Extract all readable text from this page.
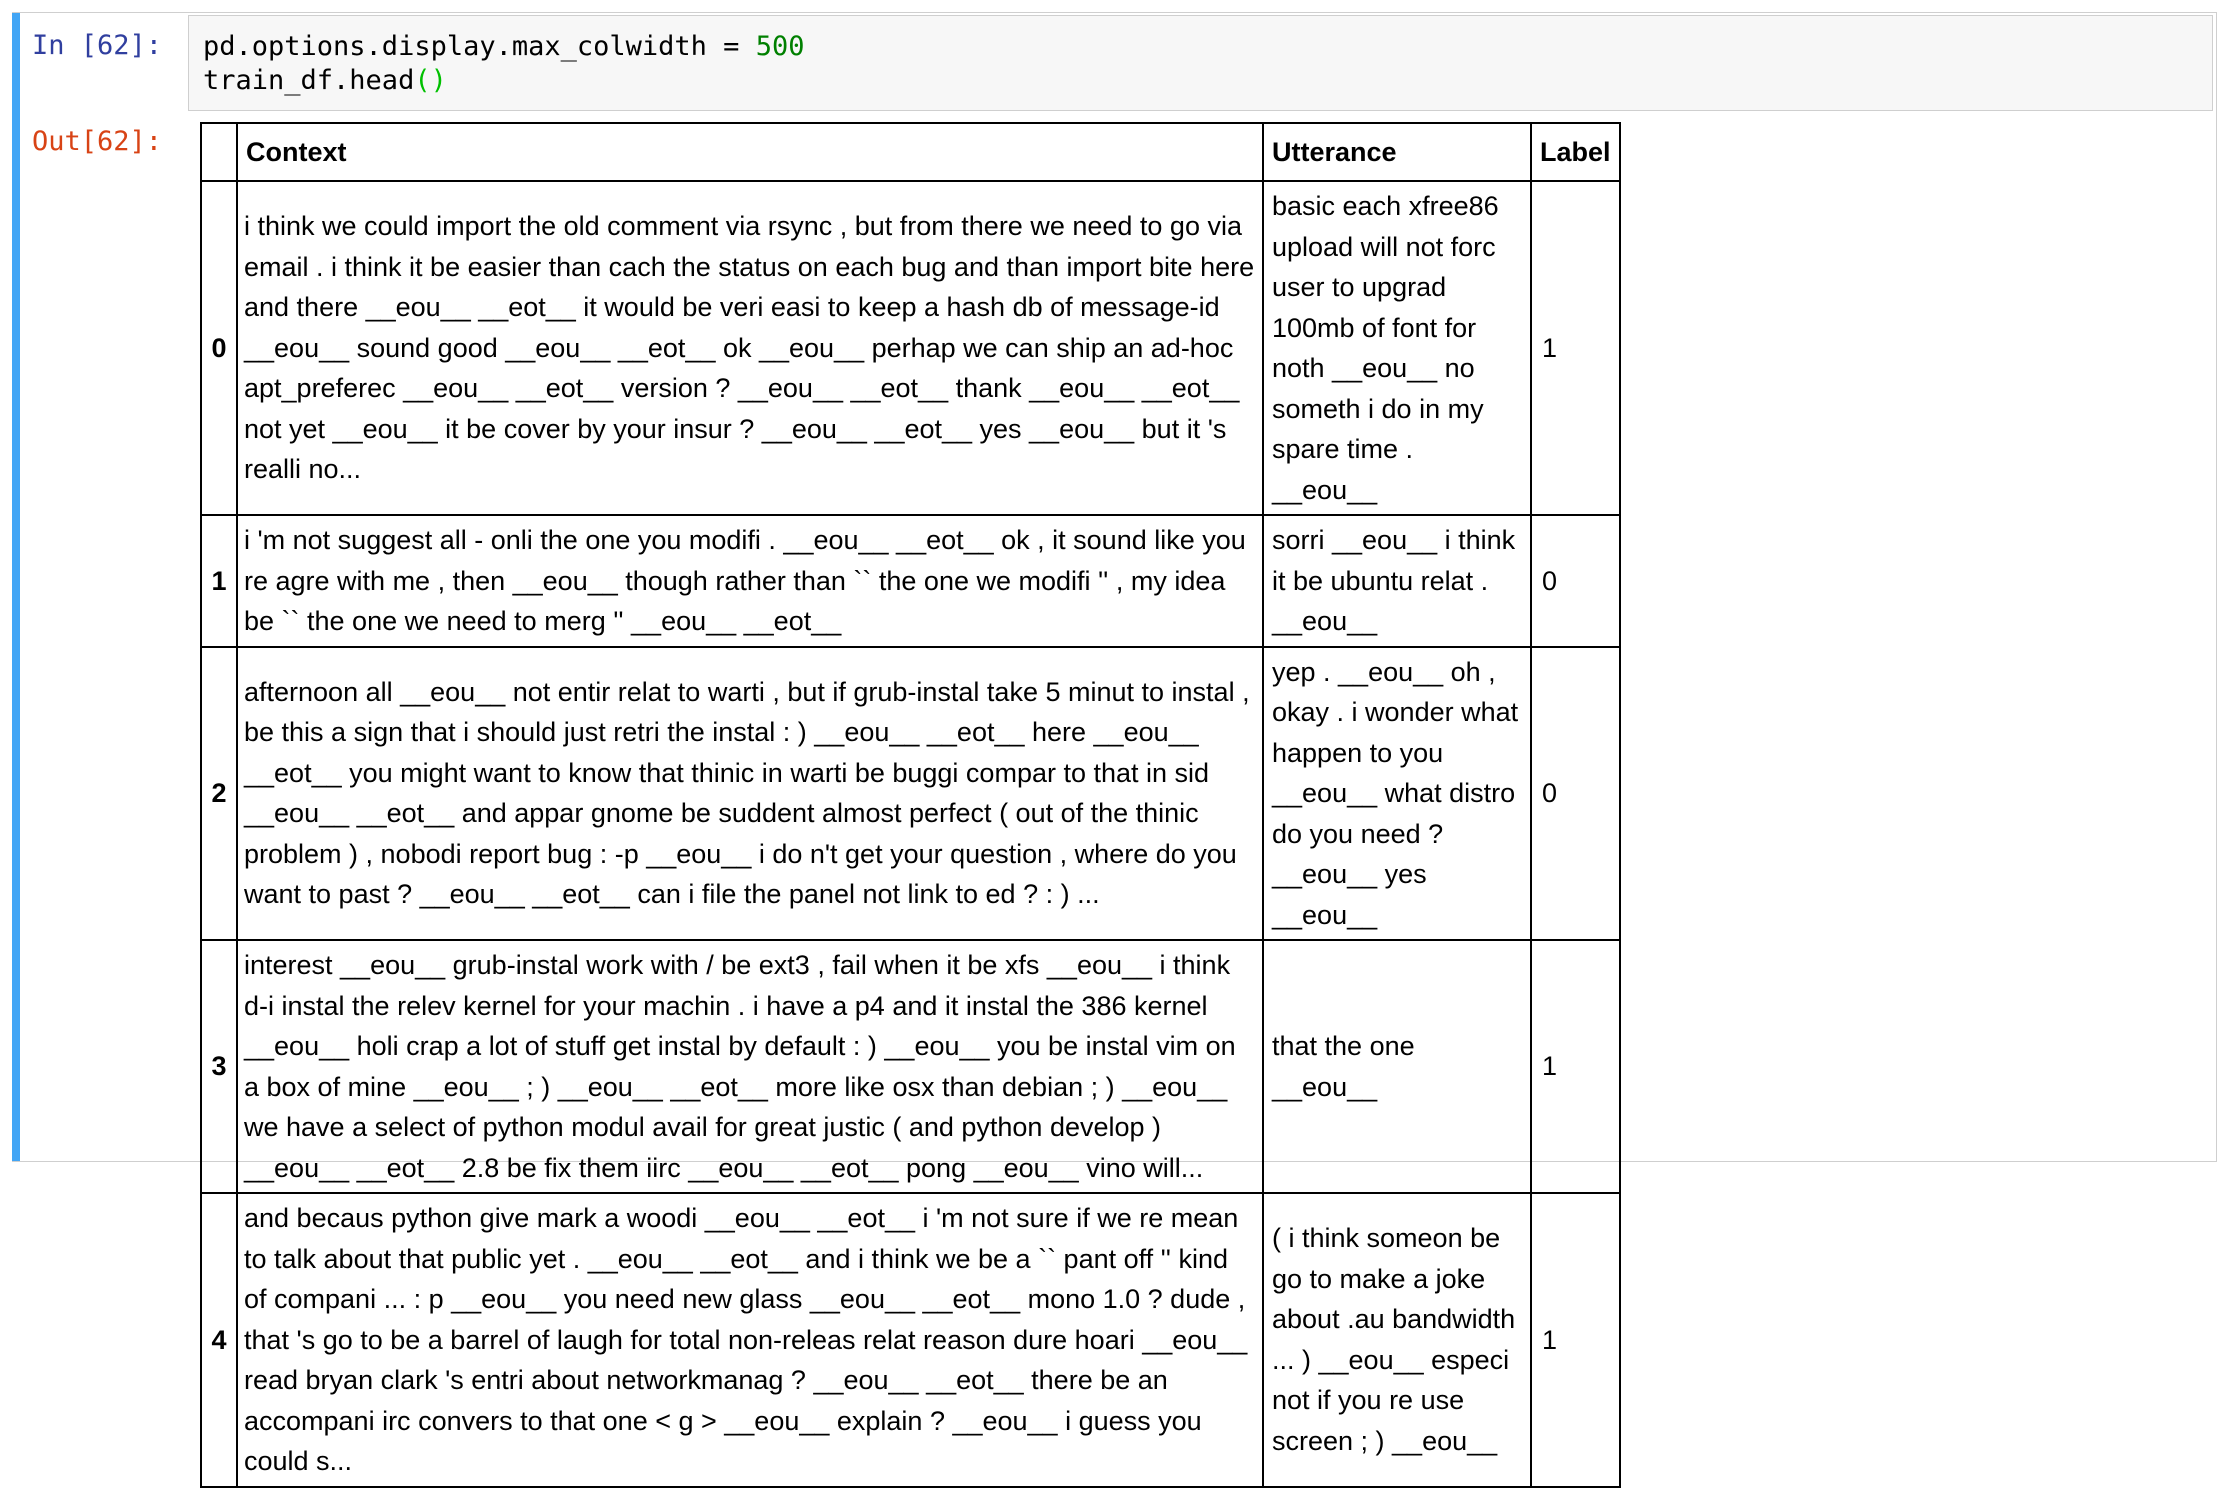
In [62]:
Out[62]:
pd.options.display.max_colwidth = 500
train_df.head()
	Context	Utterance	Label
0	i think we could import the old comment via rsync , but from there we need to go via email . i think it be easier than cach the status on each bug and than import bite here and there __eou__ __eot__ it would be veri easi to keep a hash db of message-id __eou__ sound good __eou__ __eot__ ok __eou__ perhap we can ship an ad-hoc apt_preferec __eou__ __eot__ version ? __eou__ __eot__ thank __eou__ __eot__ not yet __eou__ it be cover by your insur ? __eou__ __eot__ yes __eou__ but it 's realli no...	basic each xfree86 upload will not forc user to upgrad 100mb of font for noth __eou__ no someth i do in my spare time . __eou__	1
1	i 'm not suggest all - onli the one you modifi . __eou__ __eot__ ok , it sound like you re agre with me , then __eou__ though rather than `` the one we modifi '' , my idea be `` the one we need to merg '' __eou__ __eot__	sorri __eou__ i think it be ubuntu relat . __eou__	0
2	afternoon all __eou__ not entir relat to warti , but if grub-instal take 5 minut to instal , be this a sign that i should just retri the instal : ) __eou__ __eot__ here __eou__ __eot__ you might want to know that thinic in warti be buggi compar to that in sid __eou__ __eot__ and appar gnome be suddent almost perfect ( out of the thinic problem ) , nobodi report bug : -p __eou__ i do n't get your question , where do you want to past ? __eou__ __eot__ can i file the panel not link to ed ? : ) ...	yep . __eou__ oh , okay . i wonder what happen to you __eou__ what distro do you need ? __eou__ yes __eou__	0
3	interest __eou__ grub-instal work with / be ext3 , fail when it be xfs __eou__ i think d-i instal the relev kernel for your machin . i have a p4 and it instal the 386 kernel __eou__ holi crap a lot of stuff get instal by default : ) __eou__ you be instal vim on a box of mine __eou__ ; ) __eou__ __eot__ more like osx than debian ; ) __eou__ we have a select of python modul avail for great justic ( and python develop ) __eou__ __eot__ 2.8 be fix them iirc __eou__ __eot__ pong __eou__ vino will...	that the one __eou__	1
4	and becaus python give mark a woodi __eou__ __eot__ i 'm not sure if we re mean to talk about that public yet . __eou__ __eot__ and i think we be a `` pant off '' kind of compani ... : p __eou__ you need new glass __eou__ __eot__ mono 1.0 ? dude , that 's go to be a barrel of laugh for total non-releas relat reason dure hoari __eou__ read bryan clark 's entri about networkmanag ? __eou__ __eot__ there be an accompani irc convers to that one < g > __eou__ explain ? __eou__ i guess you could s...	( i think someon be go to make a joke about .au bandwidth ... ) __eou__ especi not if you re use screen ; ) __eou__	1
